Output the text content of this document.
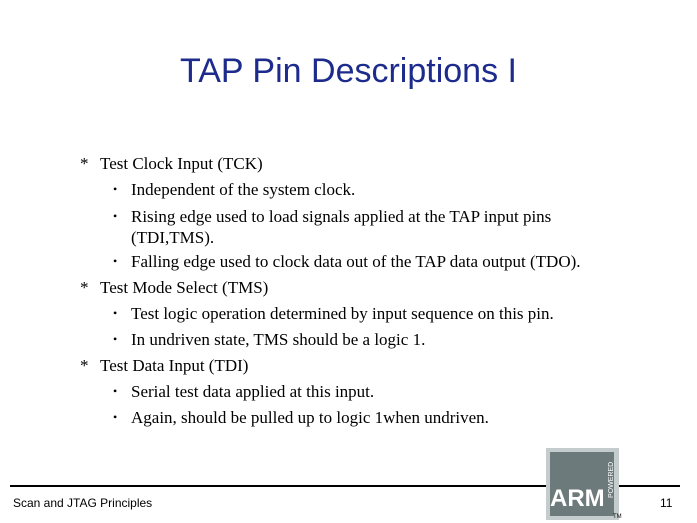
TAP Pin Descriptions I
* Test Clock Input (TCK)
• Independent of the system clock.
• Rising edge used to load signals applied at the TAP input pins
(TDI,TMS).
• Falling edge used to clock data out of the TAP data output (TDO).
* Test Mode Select (TMS)
• Test logic operation determined by input sequence on this pin.
• In undriven state, TMS should be a logic 1.
* Test Data Input (TDI)
• Serial test data applied at this input.
• Again, should be pulled up to logic 1when undriven.
Scan and JTAG Principles	ARM
POWERED
TM
11
